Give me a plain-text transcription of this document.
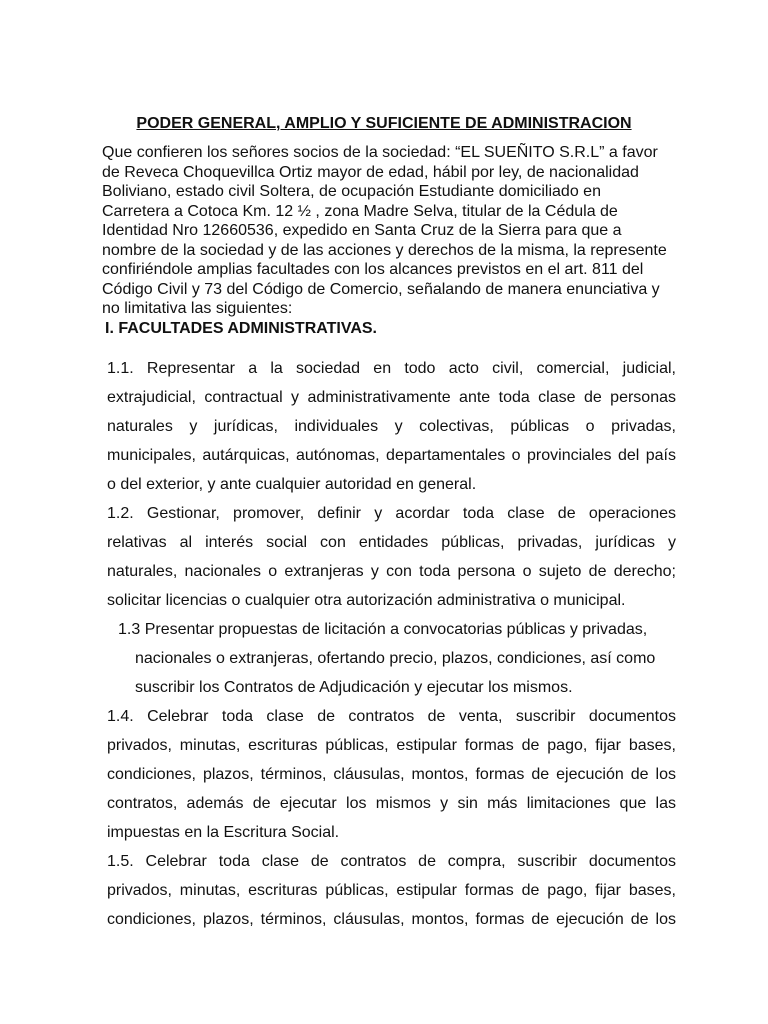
PODER GENERAL, AMPLIO Y SUFICIENTE DE ADMINISTRACION
Que confieren los señores socios de la sociedad: “EL SUEÑITO S.R.L” a favor
de Reveca Choquevillca Ortiz mayor de edad, hábil por ley, de nacionalidad
Boliviano, estado civil Soltera, de ocupación Estudiante domiciliado en
Carretera a Cotoca Km. 12 ½ , zona Madre Selva, titular de la Cédula de
Identidad Nro 12660536, expedido en Santa Cruz de la Sierra para que a
nombre de la sociedad y de las acciones y derechos de la misma, la represente
confiriéndole amplias facultades con los alcances previstos en el art. 811 del
Código Civil y 73 del Código de Comercio, señalando de manera enunciativa y
no limitativa las siguientes:
I. FACULTADES ADMINISTRATIVAS.
1.1. Representar a la sociedad en todo acto civil, comercial, judicial,
extrajudicial, contractual y administrativamente ante toda clase de personas
naturales y jurídicas, individuales y colectivas, públicas o privadas,
municipales, autárquicas, autónomas, departamentales o provinciales del país
o del exterior, y ante cualquier autoridad en general.
1.2. Gestionar, promover, definir y acordar toda clase de operaciones
relativas al interés social con entidades públicas, privadas, jurídicas y
naturales, nacionales o extranjeras y con toda persona o sujeto de derecho;
solicitar licencias o cualquier otra autorización administrativa o municipal.
1.3 Presentar propuestas de licitación a convocatorias públicas y privadas,
nacionales o extranjeras, ofertando precio, plazos, condiciones, así como
suscribir los Contratos de Adjudicación y ejecutar los mismos.
1.4. Celebrar toda clase de contratos de venta, suscribir documentos
privados, minutas, escrituras públicas, estipular formas de pago, fijar bases,
condiciones, plazos, términos, cláusulas, montos, formas de ejecución de los
contratos, además de ejecutar los mismos y sin más limitaciones que las
impuestas en la Escritura Social.
1.5. Celebrar toda clase de contratos de compra, suscribir documentos
privados, minutas, escrituras públicas, estipular formas de pago, fijar bases,
condiciones, plazos, términos, cláusulas, montos, formas de ejecución de los
